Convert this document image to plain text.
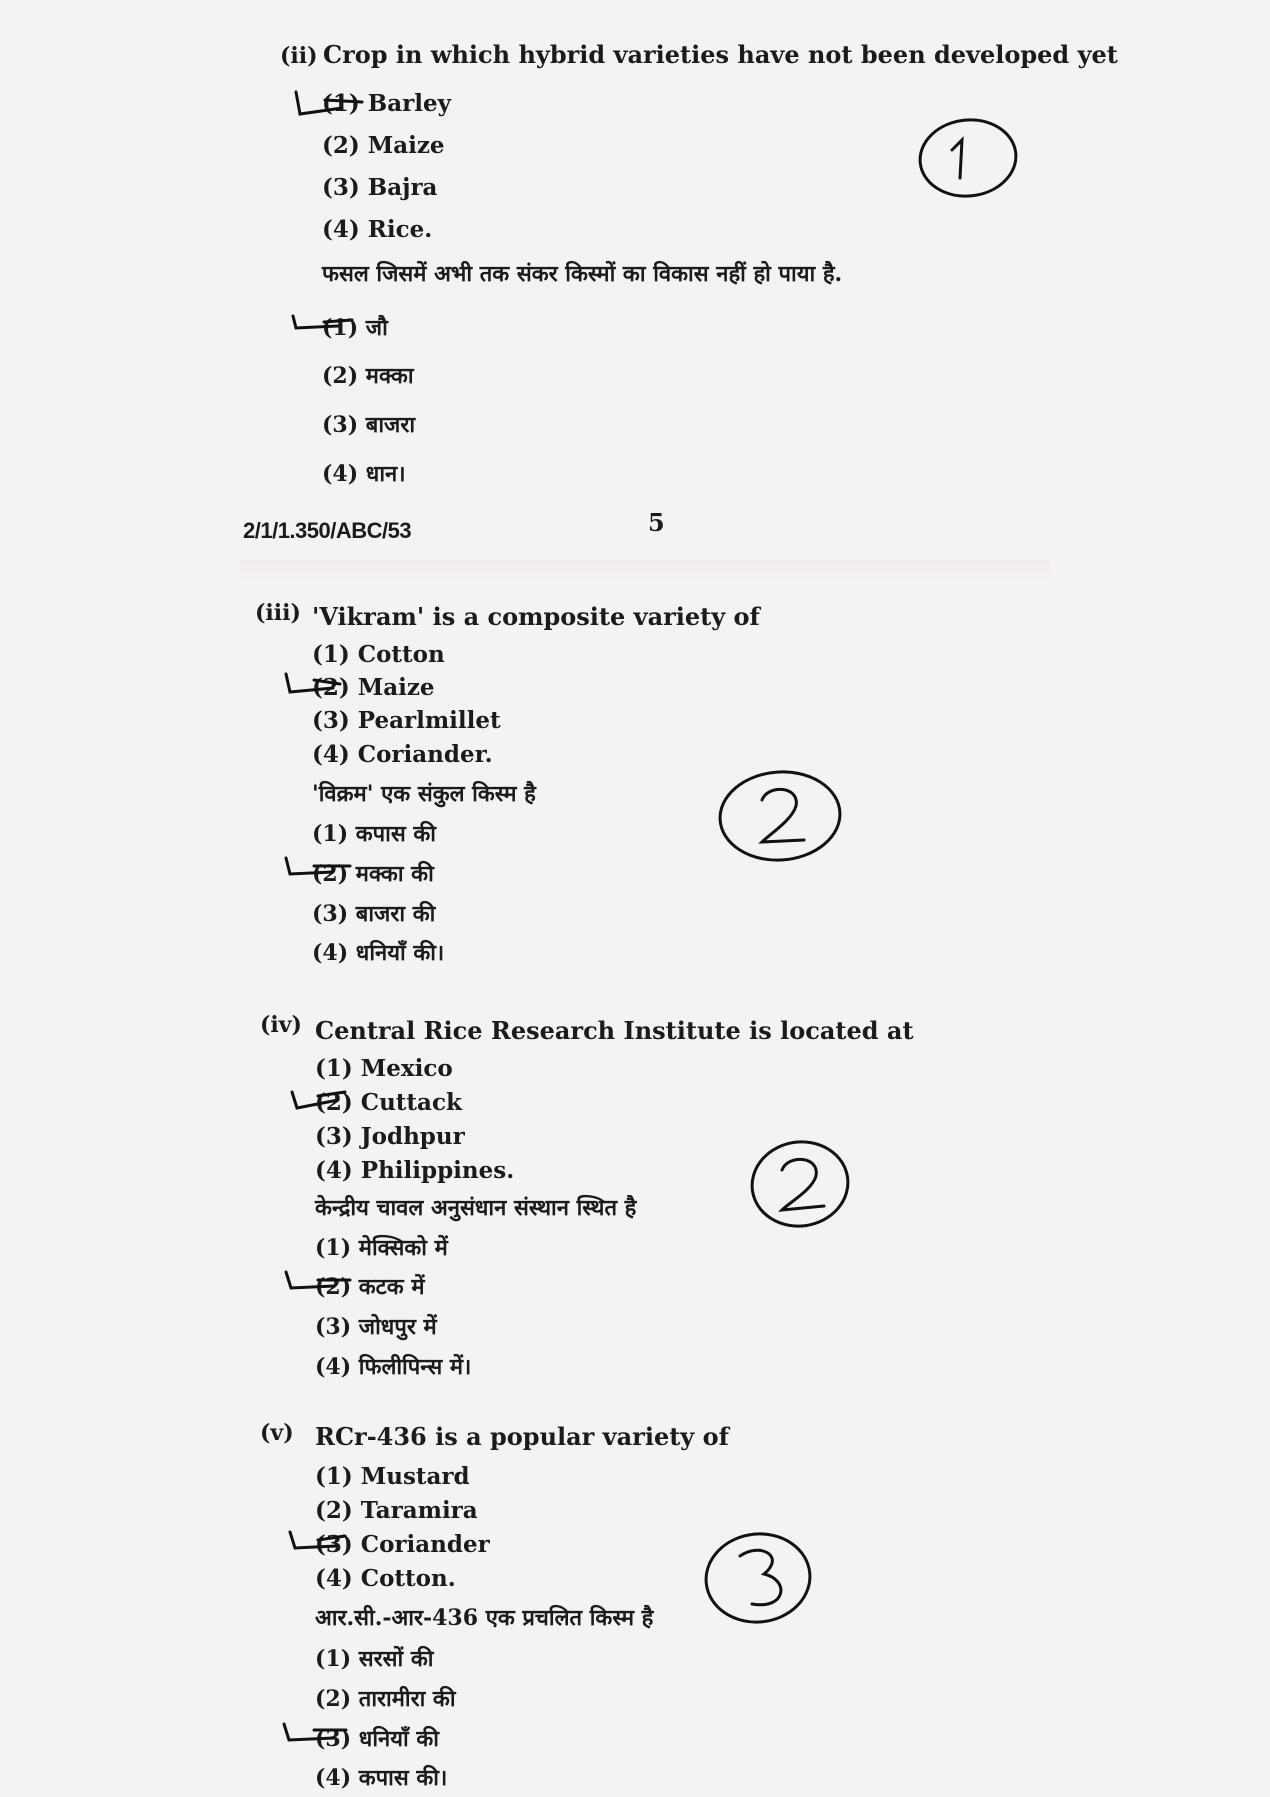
(ii) Crop in which hybrid varieties have not been developed yet
(1) Barley
(2) Maize
(3) Bajra
(4) Rice.
फसल जिसमें अभी तक संकर किस्मों का विकास नहीं हो पाया है.
(1) जौ
(2) मक्का
(3) बाजरा
(4) धान।
2/1/1.350/ABC/53	5
(iii) 'Vikram' is a composite variety of
(1) Cotton
(2) Maize
(3) Pearlmillet
(4) Coriander.
'विक्रम' एक संकुल किस्म है
(1) कपास की
(2) मक्का की
(3) बाजरा की
(4) धनियाँ की।
(iv) Central Rice Research Institute is located at
(1) Mexico
(2) Cuttack
(3) Jodhpur
(4) Philippines.
केन्द्रीय चावल अनुसंधान संस्थान स्थित है
(1) मेक्सिको में
(2) कटक में
(3) जोधपुर में
(4) फिलीपिन्स में।
(v) RCr-436 is a popular variety of
(1) Mustard
(2) Taramira
(3) Coriander
(4) Cotton.
आर.सी.-आर-436 एक प्रचलित किस्म है
(1) सरसों की
(2) तारामीरा की
(3) धनियाँ की
(4) कपास की।
